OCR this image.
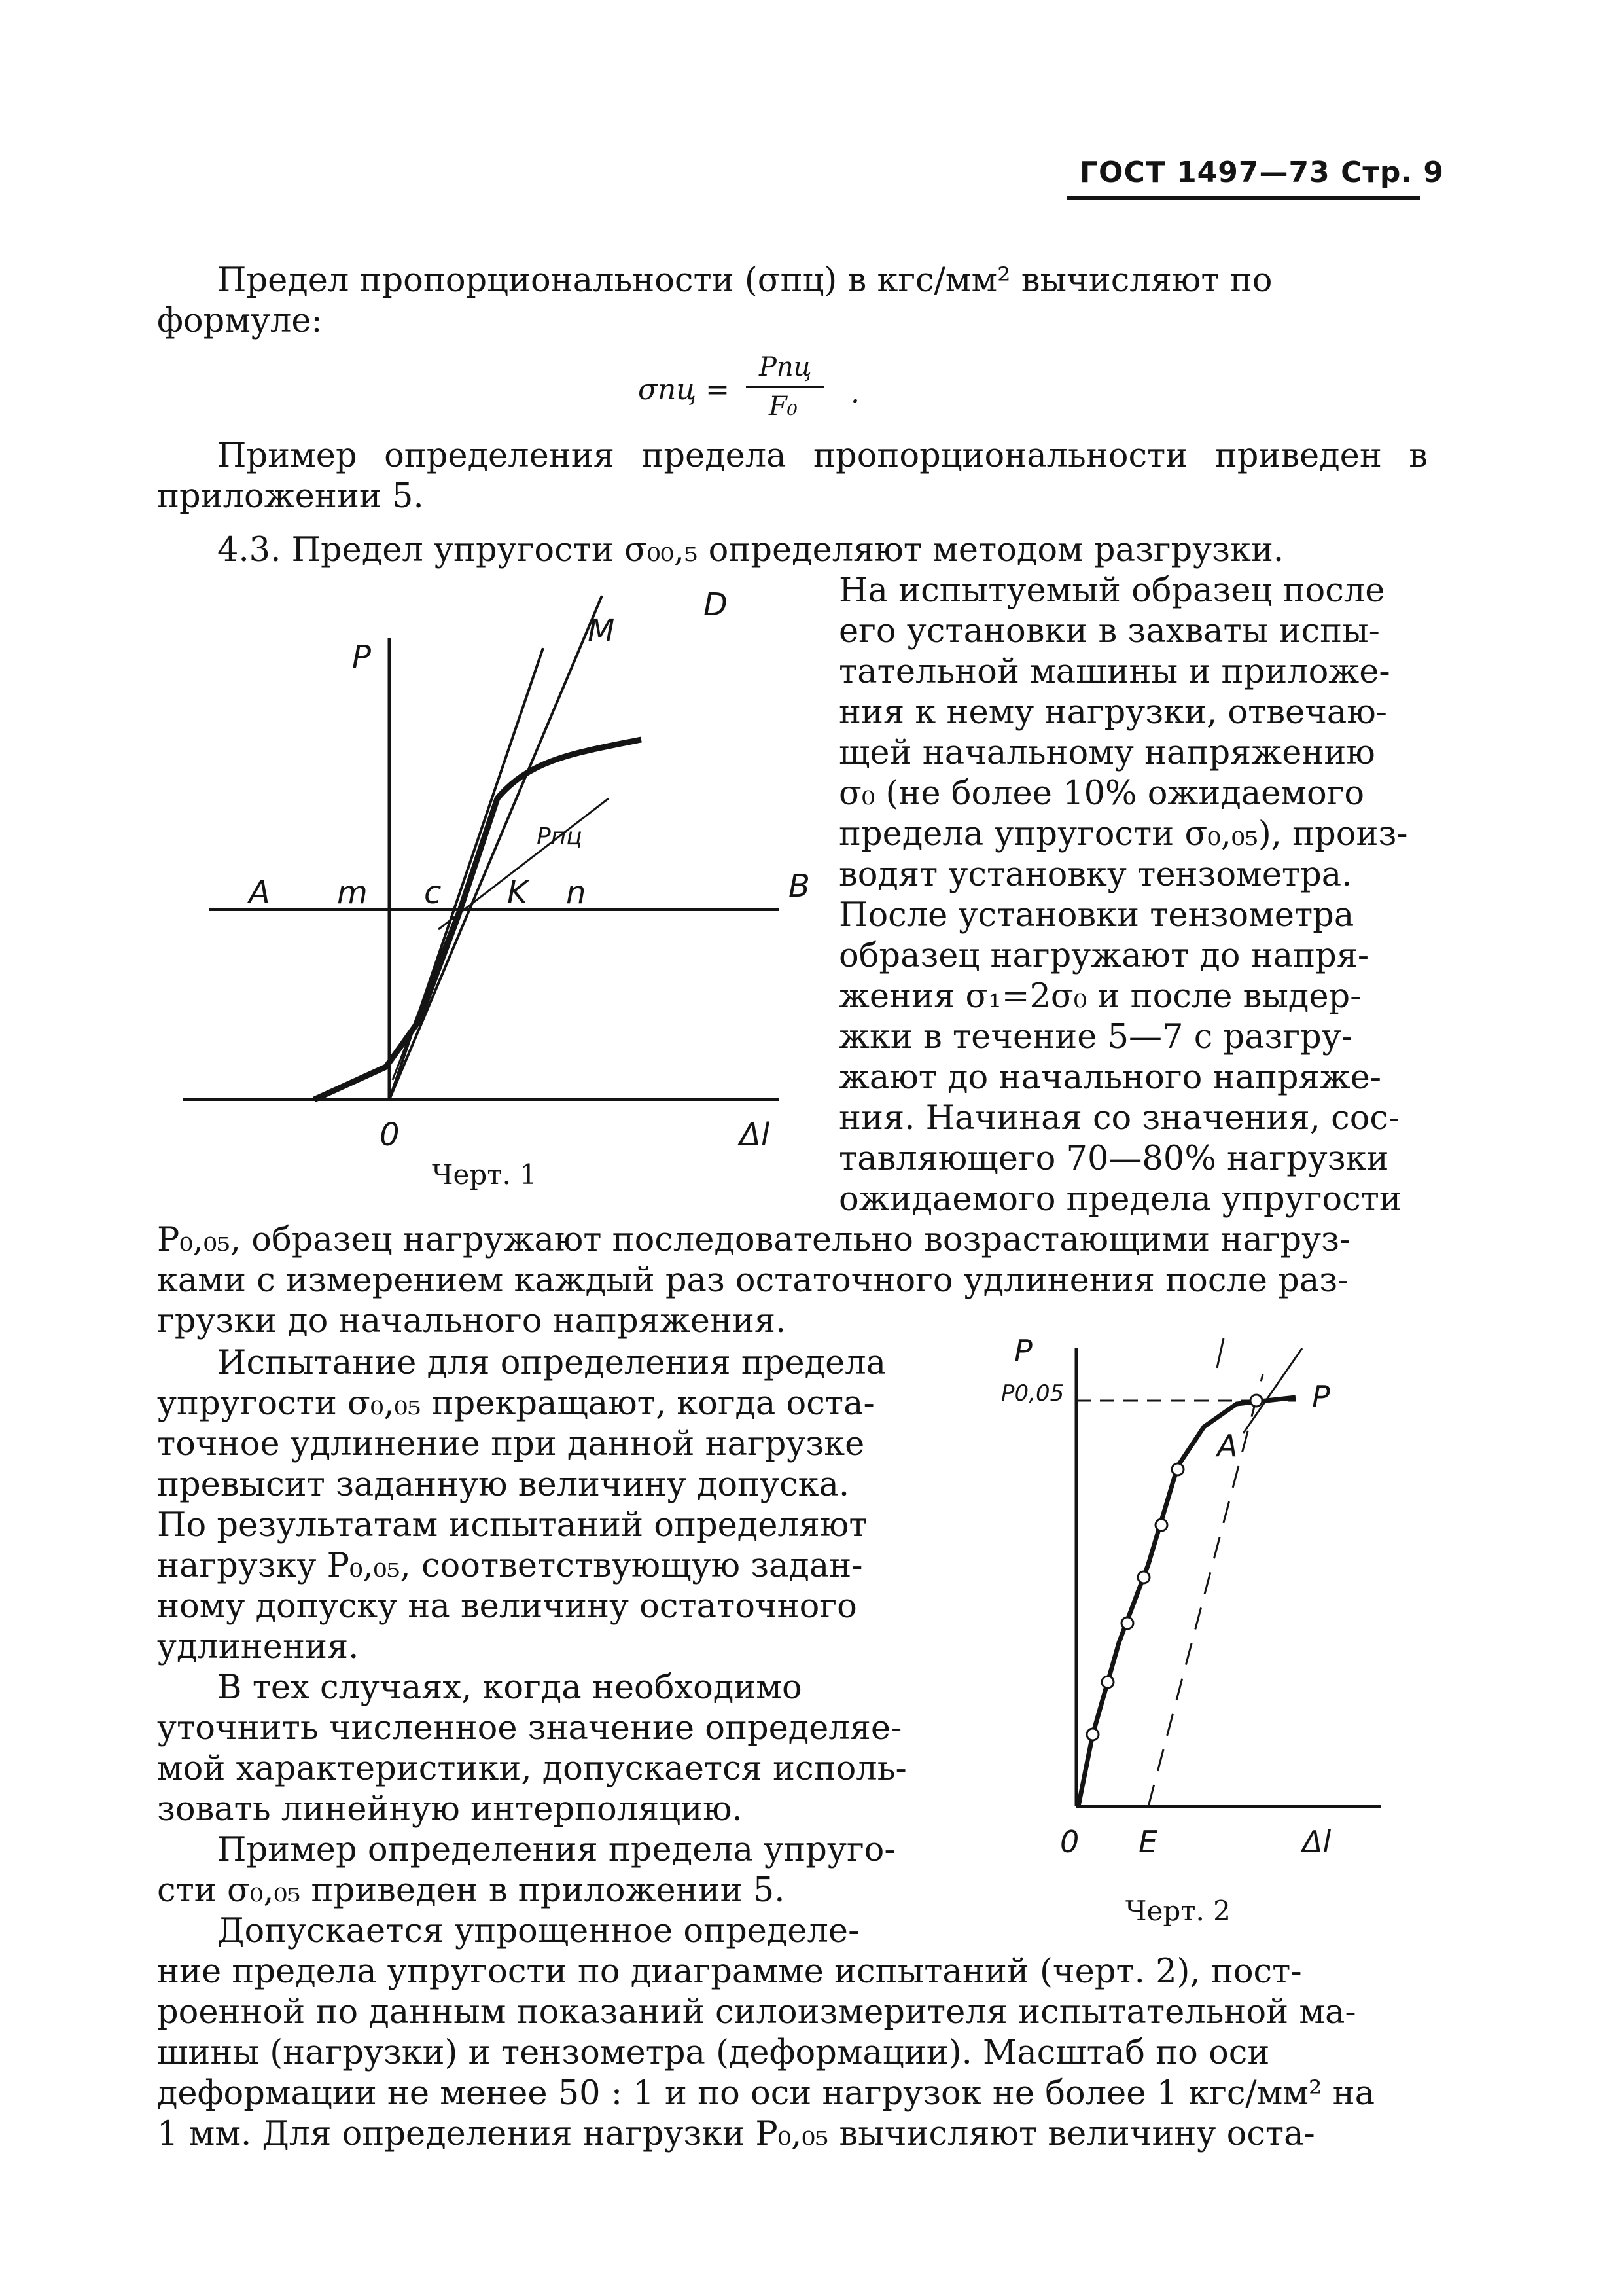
ГОСТ 1497—73 Стр. 9
Предел пропорциональности (σпц) в кгс/мм² вычисляют по
формуле:
σпц =
Pпц
F₀ .
Пример определения предела пропорциональности приведен в приложении 5.
4.3. Предел упругости σ₀₀,₅ определяют методом разгрузки.
На испытуемый образец после
его установки в захваты испы-
тательной машины и приложе-
ния к нему нагрузки, отвечаю-
щей начальному напряжению
σ₀ (не более 10% ожидаемого
предела упругости σ₀,₀₅), произ-
водят установку тензометра.
После установки тензометра
образец нагружают до напря-
жения σ₁=2σ₀ и после выдер-
жки в течение 5—7 с разгру-
жают до начального напряже-
ния. Начиная со значения, сос-
тавляющего 70—80% нагрузки
ожидаемого предела упругости
P
M
D
A m c K n	B
Pпц
0	Δl
Черт. 1
P₀,₀₅, образец нагружают последовательно возрастающими нагруз-
ками с измерением каждый раз остаточного удлинения после раз-
грузки до начального напряжения.
Испытание для определения предела
упругости σ₀,₀₅ прекращают, когда оста-
точное удлинение при данной нагрузке
превысит заданную величину допуска.
По результатам испытаний определяют
нагрузку P₀,₀₅, соответствующую задан-
ному допуску на величину остаточного
удлинения.
В тех случаях, когда необходимо
уточнить численное значение определяе-
мой характеристики, допускается исполь-
зовать линейную интерполяцию.
Пример определения предела упруго-
сти σ₀,₀₅ приведен в приложении 5.
Допускается упрощенное определе-
P
P0,05
A
P
0 E	Δl
Черт. 2
ние предела упругости по диаграмме испытаний (черт. 2), пост-
роенной по данным показаний силоизмерителя испытательной ма-
шины (нагрузки) и тензометра (деформации). Масштаб по оси
деформации не менее 50 : 1 и по оси нагрузок не более 1 кгс/мм² на
1 мм. Для определения нагрузки P₀,₀₅ вычисляют величину оста-
